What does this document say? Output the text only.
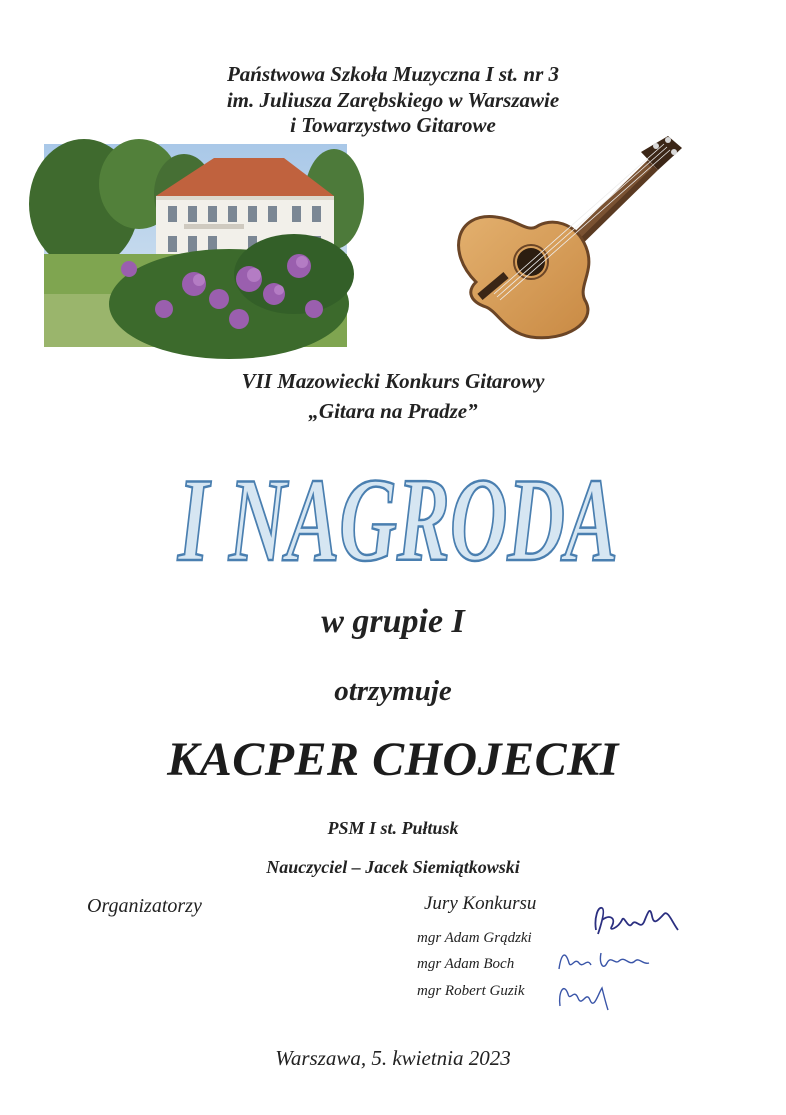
Państwowa Szkoła Muzyczna I st. nr 3
im. Juliusza Zarębskiego w Warszawie
i Towarzystwo Gitarowe
VII Mazowiecki Konkurs Gitarowy
„Gitara na Pradze”
I NAGRODA
w grupie I
otrzymuje
KACPER CHOJECKI
PSM I st. Pułtusk
Nauczyciel – Jacek Siemiątkowski
Organizatorzy	Jury Konkursu
mgr Adam Grądzki
mgr Adam Boch
mgr Robert Guzik
Warszawa, 5. kwietnia 2023
